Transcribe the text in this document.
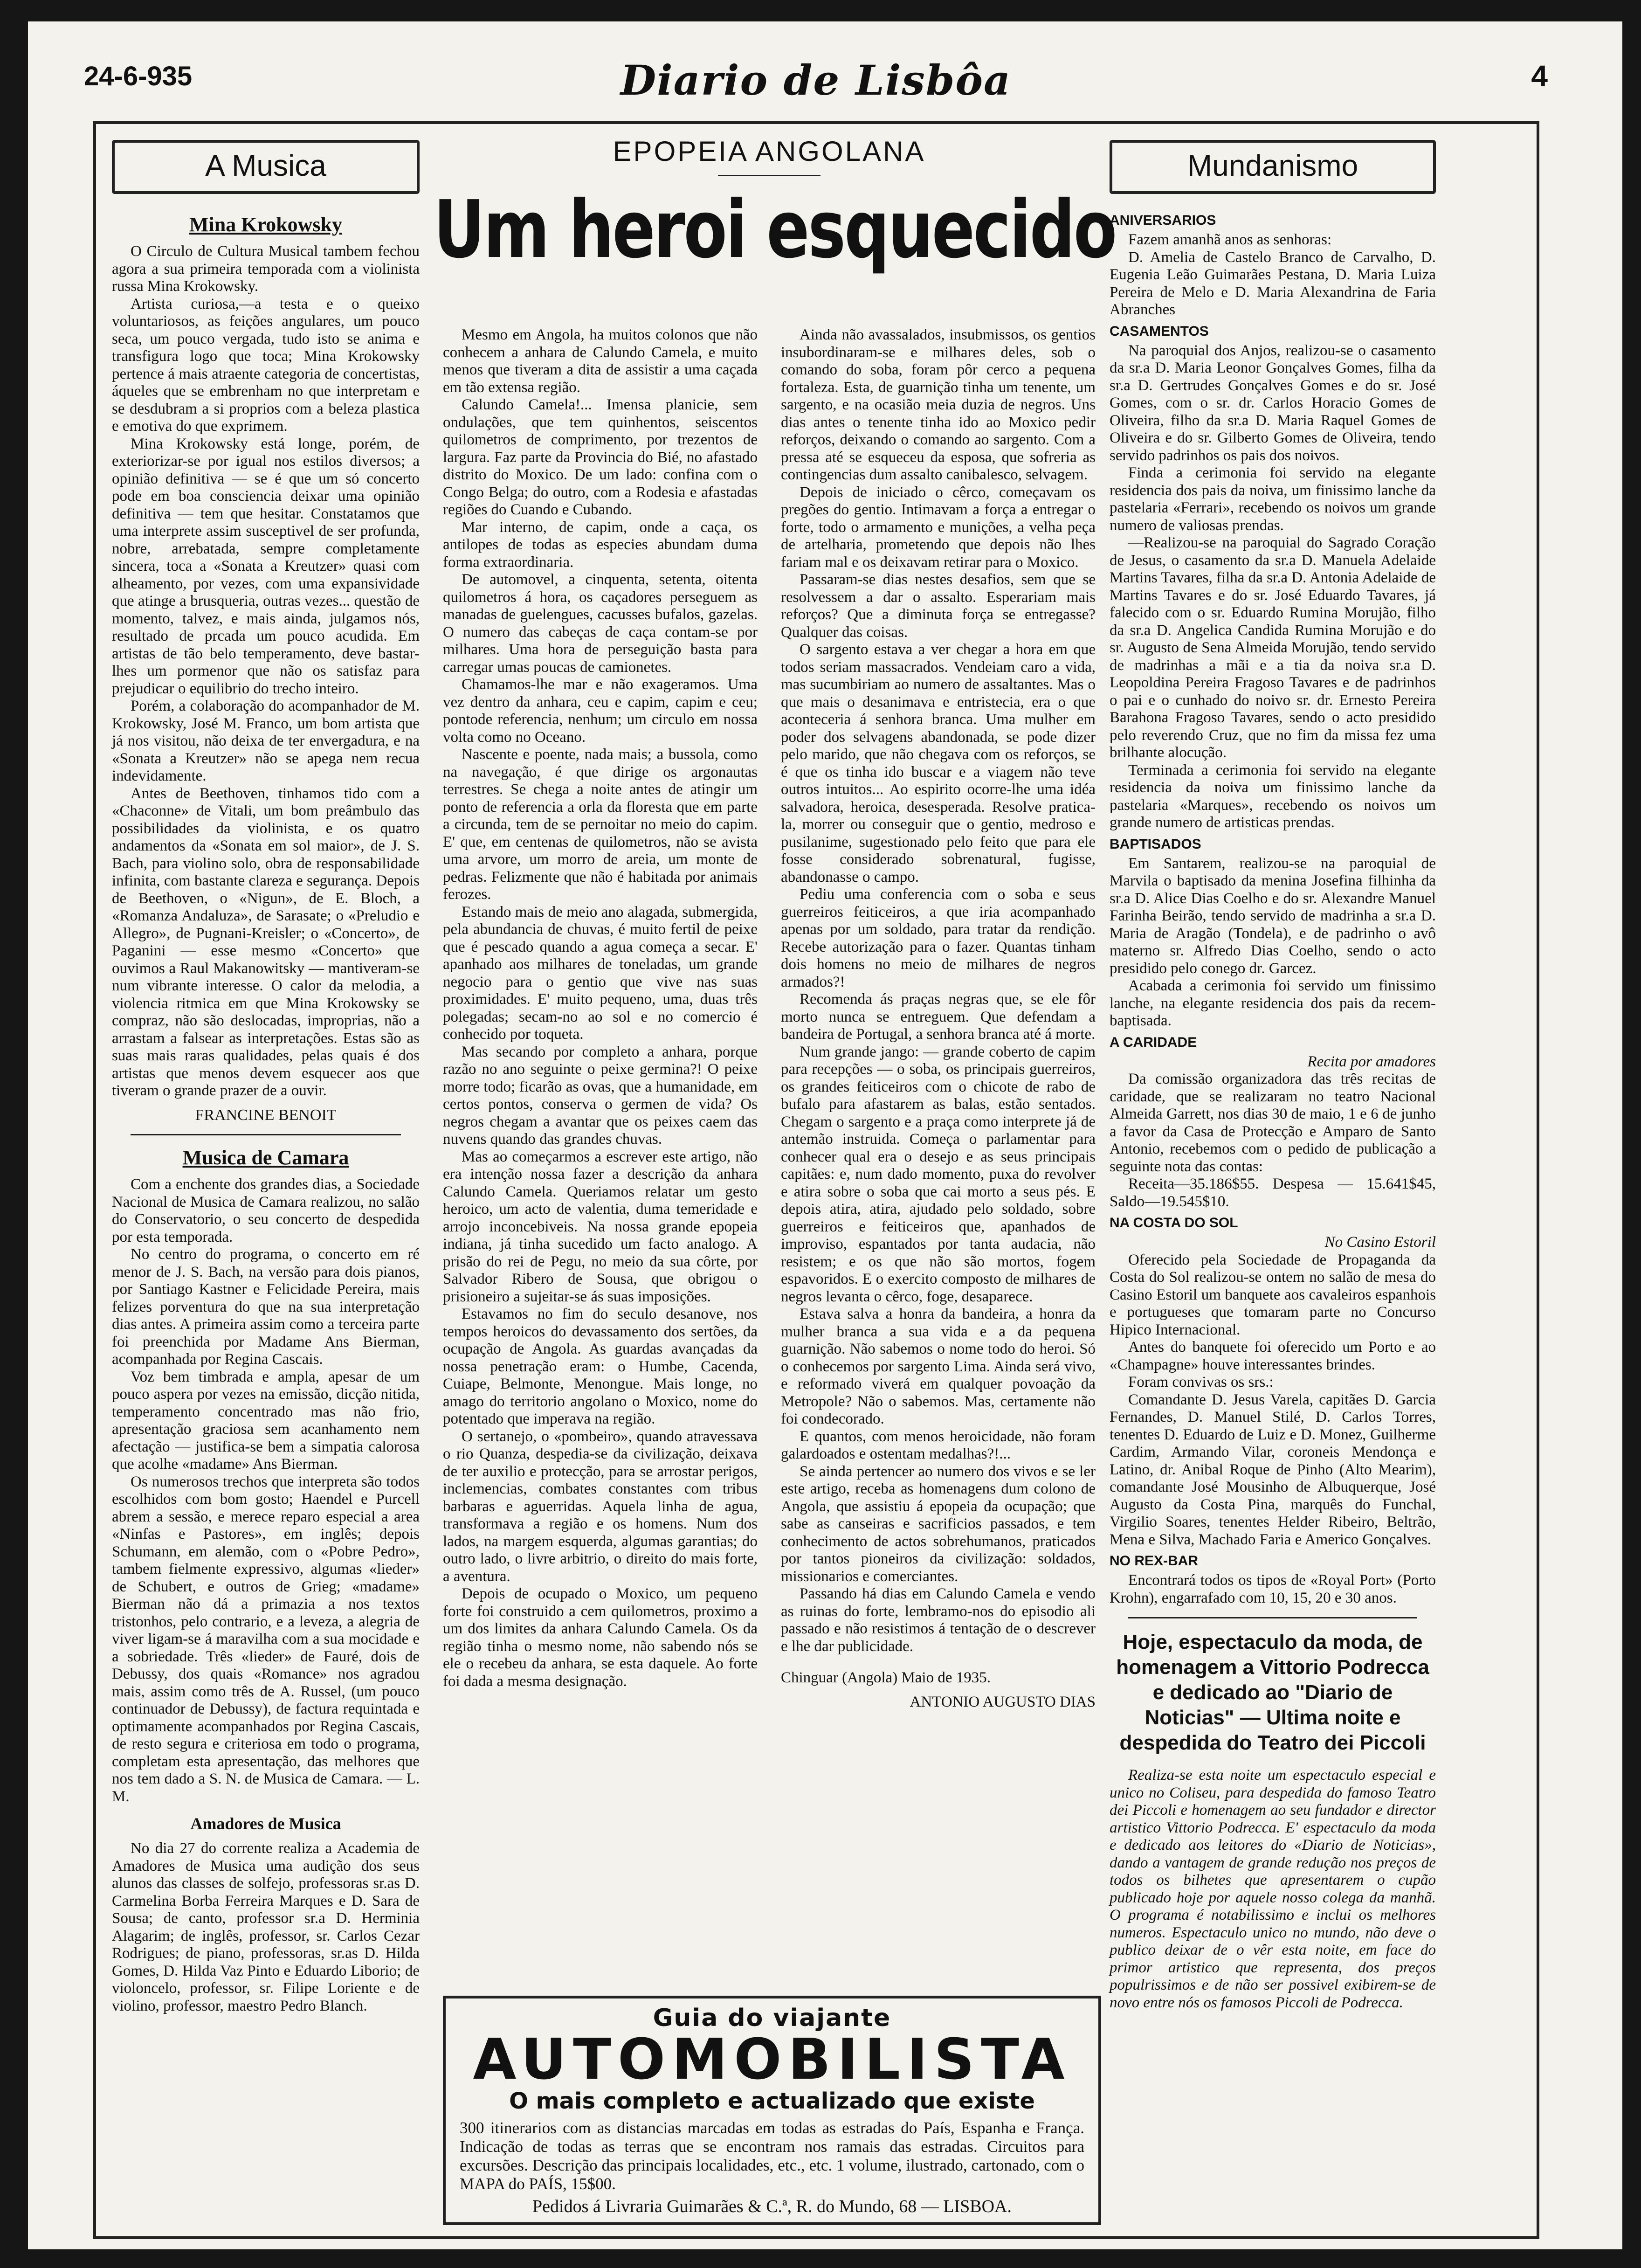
24-6-935	Diario de Lisbôa	4
A Musica
Mina Krokowsky

O Circulo de Cultura Musical tambem fechou agora a sua primeira temporada com a violinista russa Mina Krokowsky.

Artista curiosa,—a testa e o queixo voluntariosos, as feições angulares, um pouco seca, um pouco vergada, tudo isto se anima e transfigura logo que toca; Mina Krokowsky pertence á mais atraente categoria de concertistas, áqueles que se embrenham no que interpretam e se desdubram a si proprios com a beleza plastica e emotiva do que exprimem.

Mina Krokowsky está longe, porém, de exteriorizar-se por igual nos estilos diversos; a opinião definitiva — se é que um só concerto pode em boa consciencia deixar uma opinião definitiva — tem que hesitar. Constatamos que uma interprete assim susceptivel de ser profunda, nobre, arrebatada, sempre completamente sincera, toca a «Sonata a Kreutzer» quasi com alheamento, por vezes, com uma expansividade que atinge a brusqueria, outras vezes... questão de momento, talvez, e mais ainda, julgamos nós, resultado de prcada um pouco acudida. Em artistas de tão belo temperamento, deve bastar-lhes um pormenor que não os satisfaz para prejudicar o equilibrio do trecho inteiro.

Porém, a colaboração do acompanhador de M. Krokowsky, José M. Franco, um bom artista que já nos visitou, não deixa de ter envergadura, e na «Sonata a Kreutzer» não se apega nem recua indevidamente.

Antes de Beethoven, tinhamos tido com a «Chaconne» de Vitali, um bom preâmbulo das possibilidades da violinista, e os quatro andamentos da «Sonata em sol maior», de J. S. Bach, para violino solo, obra de responsabilidade infinita, com bastante clareza e segurança. Depois de Beethoven, o «Nigun», de E. Bloch, a «Romanza Andaluza», de Sarasate; o «Preludio e Allegro», de Pugnani-Kreisler; o «Concerto», de Paganini — esse mesmo «Concerto» que ouvimos a Raul Makanowitsky — mantiveram-se num vibrante interesse. O calor da melodia, a violencia ritmica em que Mina Krokowsky se compraz, não são deslocadas, improprias, não a arrastam a falsear as interpretações. Estas são as suas mais raras qualidades, pelas quais é dos artistas que menos devem esquecer aos que tiveram o grande prazer de a ouvir.

FRANCINE BENOIT
Musica de Camara

Com a enchente dos grandes dias, a Sociedade Nacional de Musica de Camara realizou, no salão do Conservatorio, o seu concerto de despedida por esta temporada.

No centro do programa, o concerto em ré menor de J. S. Bach, na versão para dois pianos, por Santiago Kastner e Felicidade Pereira, mais felizes porventura do que na sua interpretação dias antes. A primeira assim como a terceira parte foi preenchida por Madame Ans Bierman, acompanhada por Regina Cascais.

Voz bem timbrada e ampla, apesar de um pouco aspera por vezes na emissão, dicção nitida, temperamento concentrado mas não frio, apresentação graciosa sem acanhamento nem afectação — justifica-se bem a simpatia calorosa que acolhe «madame» Ans Bierman.

Os numerosos trechos que interpreta são todos escolhidos com bom gosto; Haendel e Purcell abrem a sessão, e merece reparo especial a area «Ninfas e Pastores», em inglês; depois Schumann, em alemão, com o «Pobre Pedro», tambem fielmente expressivo, algumas «lieder» de Schubert, e outros de Grieg; «madame» Bierman não dá a primazia a nos textos tristonhos, pelo contrario, e a leveza, a alegria de viver ligam-se á maravilha com a sua mocidade e a sobriedade. Três «lieder» de Fauré, dois de Debussy, dos quais «Romance» nos agradou mais, assim como três de A. Russel, (um pouco continuador de Debussy), de factura requintada e optimamente acompanhados por Regina Cascais, de resto segura e criteriosa em todo o programa, completam esta apresentação, das melhores que nos tem dado a S. N. de Musica de Camara. — L. M.

Amadores de Musica

No dia 27 do corrente realiza a Academia de Amadores de Musica uma audição dos seus alunos das classes de solfejo, professoras sr.as D. Carmelina Borba Ferreira Marques e D. Sara de Sousa; de canto, professor sr.a D. Herminia Alagarim; de inglês, professor, sr. Carlos Cezar Rodrigues; de piano, professoras, sr.as D. Hilda Gomes, D. Hilda Vaz Pinto e Eduardo Liborio; de violoncelo, professor, sr. Filipe Loriente e de violino, professor, maestro Pedro Blanch.

EPOPEIA ANGOLANA
Um heroi esquecido

Mesmo em Angola, ha muitos colonos que não conhecem a anhara de Calundo Camela, e muito menos que tiveram a dita de assistir a uma caçada em tão extensa região.

Calundo Camela!... Imensa planicie, sem ondulações, que tem quinhentos, seiscentos quilometros de comprimento, por trezentos de largura. Faz parte da Provincia do Bié, no afastado distrito do Moxico. De um lado: confina com o Congo Belga; do outro, com a Rodesia e afastadas regiões do Cuando e Cubando.

Mar interno, de capim, onde a caça, os antilopes de todas as especies abundam duma forma extraordinaria.

De automovel, a cinquenta, setenta, oitenta quilometros á hora, os caçadores perseguem as manadas de guelengues, cacusses bufalos, gazelas. O numero das cabeças de caça contam-se por milhares. Uma hora de perseguição basta para carregar umas poucas de camionetes.

Chamamos-lhe mar e não exageramos. Uma vez dentro da anhara, ceu e capim, capim e ceu; pontode referencia, nenhum; um circulo em nossa volta como no Oceano.

Nascente e poente, nada mais; a bussola, como na navegação, é que dirige os argonautas terrestres. Se chega a noite antes de atingir um ponto de referencia a orla da floresta que em parte a circunda, tem de se pernoitar no meio do capim. E' que, em centenas de quilometros, não se avista uma arvore, um morro de areia, um monte de pedras. Felizmente que não é habitada por animais ferozes.

Estando mais de meio ano alagada, submergida, pela abundancia de chuvas, é muito fertil de peixe que é pescado quando a agua começa a secar. E' apanhado aos milhares de toneladas, um grande negocio para o gentio que vive nas suas proximidades. E' muito pequeno, uma, duas três polegadas; secam-no ao sol e no comercio é conhecido por toqueta.

Mas secando por completo a anhara, porque razão no ano seguinte o peixe germina?! O peixe morre todo; ficarão as ovas, que a humanidade, em certos pontos, conserva o germen de vida? Os negros chegam a avantar que os peixes caem das nuvens quando das grandes chuvas.

Mas ao começarmos a escrever este artigo, não era intenção nossa fazer a descrição da anhara Calundo Camela. Queriamos relatar um gesto heroico, um acto de valentia, duma temeridade e arrojo inconcebiveis. Na nossa grande epopeia indiana, já tinha sucedido um facto analogo. A prisão do rei de Pegu, no meio da sua côrte, por Salvador Ribero de Sousa, que obrigou o prisioneiro a sujeitar-se ás suas imposições.

Estavamos no fim do seculo desanove, nos tempos heroicos do devassamento dos sertões, da ocupação de Angola. As guardas avançadas da nossa penetração eram: o Humbe, Cacenda, Cuiape, Belmonte, Menongue. Mais longe, no amago do territorio angolano o Moxico, nome do potentado que imperava na região.

O sertanejo, o «pombeiro», quando atravessava o rio Quanza, despedia-se da civilização, deixava de ter auxilio e protecção, para se arrostar perigos, inclemencias, combates constantes com tribus barbaras e aguerridas. Aquela linha de agua, transformava a região e os homens. Num dos lados, na margem esquerda, algumas garantias; do outro lado, o livre arbitrio, o direito do mais forte, a aventura.

Depois de ocupado o Moxico, um pequeno forte foi construido a cem quilometros, proximo a um dos limites da anhara Calundo Camela. Os da região tinha o mesmo nome, não sabendo nós se ele o recebeu da anhara, se esta daquele. Ao forte foi dada a mesma designação.

Ainda não avassalados, insubmissos, os gentios insubordinaram-se e milhares deles, sob o comando do soba, foram pôr cerco a pequena fortaleza. Esta, de guarnição tinha um tenente, um sargento, e na ocasião meia duzia de negros. Uns dias antes o tenente tinha ido ao Moxico pedir reforços, deixando o comando ao sargento. Com a pressa até se esqueceu da esposa, que sofreria as contingencias dum assalto canibalesco, selvagem.

Depois de iniciado o cêrco, começavam os pregões do gentio. Intimavam a força a entregar o forte, todo o armamento e munições, a velha peça de artelharia, prometendo que depois não lhes fariam mal e os deixavam retirar para o Moxico.

Passaram-se dias nestes desafios, sem que se resolvessem a dar o assalto. Esperariam mais reforços? Que a diminuta força se entregasse? Qualquer das coisas.

O sargento estava a ver chegar a hora em que todos seriam massacrados. Vendeiam caro a vida, mas sucumbiriam ao numero de assaltantes. Mas o que mais o desanimava e entristecia, era o que aconteceria á senhora branca. Uma mulher em poder dos selvagens abandonada, se pode dizer pelo marido, que não chegava com os reforços, se é que os tinha ido buscar e a viagem não teve outros intuitos... Ao espirito ocorre-lhe uma idéa salvadora, heroica, desesperada. Resolve pratica-la, morrer ou conseguir que o gentio, medroso e pusilanime, sugestionado pelo feito que para ele fosse considerado sobrenatural, fugisse, abandonasse o campo.

Pediu uma conferencia com o soba e seus guerreiros feiticeiros, a que iria acompanhado apenas por um soldado, para tratar da rendição. Recebe autorização para o fazer. Quantas tinham dois homens no meio de milhares de negros armados?!

Recomenda ás praças negras que, se ele fôr morto nunca se entreguem. Que defendam a bandeira de Portugal, a senhora branca até á morte.

Num grande jango: — grande coberto de capim para recepções — o soba, os principais guerreiros, os grandes feiticeiros com o chicote de rabo de bufalo para afastarem as balas, estão sentados. Chegam o sargento e a praça como interprete já de antemão instruida. Começa o parlamentar para conhecer qual era o desejo e as seus principais capitães: e, num dado momento, puxa do revolver e atira sobre o soba que cai morto a seus pés. E depois atira, atira, ajudado pelo soldado, sobre guerreiros e feiticeiros que, apanhados de improviso, espantados por tanta audacia, não resistem; e os que não são mortos, fogem espavoridos. E o exercito composto de milhares de negros levanta o cêrco, foge, desaparece.

Estava salva a honra da bandeira, a honra da mulher branca a sua vida e a da pequena guarnição. Não sabemos o nome todo do heroi. Só o conhecemos por sargento Lima. Ainda será vivo, e reformado viverá em qualquer povoação da Metropole? Não o sabemos. Mas, certamente não foi condecorado.

E quantos, com menos heroicidade, não foram galardoados e ostentam medalhas?!...

Se ainda pertencer ao numero dos vivos e se ler este artigo, receba as homenagens dum colono de Angola, que assistiu á epopeia da ocupação; que sabe as canseiras e sacrificios passados, e tem conhecimento de actos sobrehumanos, praticados por tantos pioneiros da civilização: soldados, missionarios e comerciantes.

Passando há dias em Calundo Camela e vendo as ruinas do forte, lembramo-nos do episodio ali passado e não resistimos á tentação de o descrever e lhe dar publicidade.

Chinguar (Angola) Maio de 1935.
ANTONIO AUGUSTO DIAS
Guia do viajante
AUTOMOBILISTA
O mais completo e actualizado que existe
300 itinerarios com as distancias marcadas em todas as estradas do País, Espanha e França. Indicação de todas as terras que se encontram nos ramais das estradas. Circuitos para excursões. Descrição das principais localidades, etc., etc. 1 volume, ilustrado, cartonado, com o MAPA do PAÍS, 15$00.
Pedidos á Livraria Guimarães & C.ª, R. do Mundo, 68 — LISBOA.
Mundanismo
ANIVERSARIOS

Fazem amanhã anos as senhoras:

D. Amelia de Castelo Branco de Carvalho, D. Eugenia Leão Guimarães Pestana, D. Maria Luiza Pereira de Melo e D. Maria Alexandrina de Faria Abranches

CASAMENTOS

Na paroquial dos Anjos, realizou-se o casamento da sr.a D. Maria Leonor Gonçalves Gomes, filha da sr.a D. Gertrudes Gonçalves Gomes e do sr. José Gomes, com o sr. dr. Carlos Horacio Gomes de Oliveira, filho da sr.a D. Maria Raquel Gomes de Oliveira e do sr. Gilberto Gomes de Oliveira, tendo servido padrinhos os pais dos noivos.

Finda a cerimonia foi servido na elegante residencia dos pais da noiva, um finissimo lanche da pastelaria «Ferrari», recebendo os noivos um grande numero de valiosas prendas.

—Realizou-se na paroquial do Sagrado Coração de Jesus, o casamento da sr.a D. Manuela Adelaide Martins Tavares, filha da sr.a D. Antonia Adelaide de Martins Tavares e do sr. José Eduardo Tavares, já falecido com o sr. Eduardo Rumina Morujão, filho da sr.a D. Angelica Candida Rumina Morujão e do sr. Augusto de Sena Almeida Morujão, tendo servido de madrinhas a mãi e a tia da noiva sr.a D. Leopoldina Pereira Fragoso Tavares e de padrinhos o pai e o cunhado do noivo sr. dr. Ernesto Pereira Barahona Fragoso Tavares, sendo o acto presidido pelo reverendo Cruz, que no fim da missa fez uma brilhante alocução.

Terminada a cerimonia foi servido na elegante residencia da noiva um finissimo lanche da pastelaria «Marques», recebendo os noivos um grande numero de artisticas prendas.

BAPTISADOS

Em Santarem, realizou-se na paroquial de Marvila o baptisado da menina Josefina filhinha da sr.a D. Alice Dias Coelho e do sr. Alexandre Manuel Farinha Beirão, tendo servido de madrinha a sr.a D. Maria de Aragão (Tondela), e de padrinho o avô materno sr. Alfredo Dias Coelho, sendo o acto presidido pelo conego dr. Garcez.

Acabada a cerimonia foi servido um finissimo lanche, na elegante residencia dos pais da recem-baptisada.

A CARIDADE
Recita por amadores

Da comissão organizadora das três recitas de caridade, que se realizaram no teatro Nacional Almeida Garrett, nos dias 30 de maio, 1 e 6 de junho a favor da Casa de Protecção e Amparo de Santo Antonio, recebemos com o pedido de publicação a seguinte nota das contas:

Receita—35.186$55. Despesa — 15.641$45, Saldo—19.545$10.

NA COSTA DO SOL
No Casino Estoril

Oferecido pela Sociedade de Propaganda da Costa do Sol realizou-se ontem no salão de mesa do Casino Estoril um banquete aos cavaleiros espanhois e portugueses que tomaram parte no Concurso Hipico Internacional.

Antes do banquete foi oferecido um Porto e ao «Champagne» houve interessantes brindes.

Foram convivas os srs.:

Comandante D. Jesus Varela, capitães D. Garcia Fernandes, D. Manuel Stilé, D. Carlos Torres, tenentes D. Eduardo de Luiz e D. Monez, Guilherme Cardim, Armando Vilar, coroneis Mendonça e Latino, dr. Anibal Roque de Pinho (Alto Mearim), comandante José Mousinho de Albuquerque, José Augusto da Costa Pina, marquês do Funchal, Virgilio Soares, tenentes Helder Ribeiro, Beltrão, Mena e Silva, Machado Faria e Americo Gonçalves.

NO REX-BAR

Encontrará todos os tipos de «Royal Port» (Porto Krohn), engarrafado com 10, 15, 20 e 30 anos.

Hoje, espectaculo da moda, de homenagem a Vittorio Podrecca e dedicado ao "Diario de Noticias" — Ultima noite e despedida do Teatro dei Piccoli

Realiza-se esta noite um espectaculo especial e unico no Coliseu, para despedida do famoso Teatro dei Piccoli e homenagem ao seu fundador e director artistico Vittorio Podrecca. E' espectaculo da moda e dedicado aos leitores do «Diario de Noticias», dando a vantagem de grande redução nos preços de todos os bilhetes que apresentarem o cupão publicado hoje por aquele nosso colega da manhã. O programa é notabilissimo e inclui os melhores numeros. Espectaculo unico no mundo, não deve o publico deixar de o vêr esta noite, em face do primor artistico que representa, dos preços populrissimos e de não ser possivel exibirem-se de novo entre nós os famosos Piccoli de Podrecca.
